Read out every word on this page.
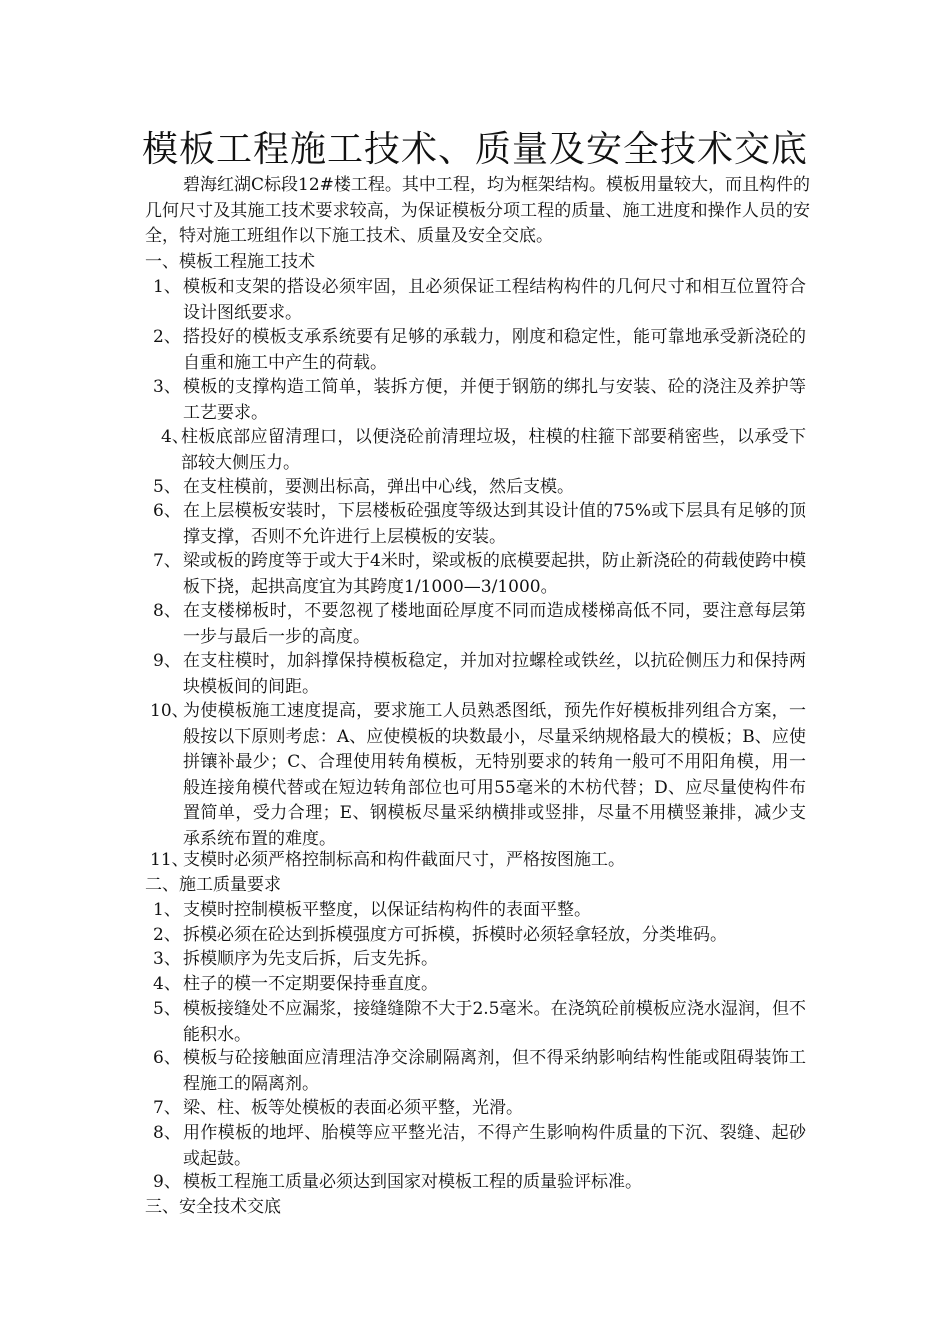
模板工程施工技术、质量及安全技术交底
碧海红湖C标段12#楼工程。其中工程，均为框架结构。模板用量较大，而且构件的几何尺寸及其施工技术要求较高，为保证模板分项工程的质量、施工进度和操作人员的安全，特对施工班组作以下施工技术、质量及安全交底。
一、模板工程施工技术
1、 模板和支架的搭设必须牢固，且必须保证工程结构构件的几何尺寸和相互位置符合设计图纸要求。
2、 搭投好的模板支承系统要有足够的承载力，刚度和稳定性，能可靠地承受新浇砼的自重和施工中产生的荷载。
3、 模板的支撑构造工简单，装拆方便，并便于钢筋的绑扎与安装、砼的浇注及养护等工艺要求。
4、
柱板底部应留清理口，以便浇砼前清理垃圾，柱模的柱箍下部要稍密些，以承受下部较大侧压力。
5、 在支柱模前，要测出标高，弹出中心线，然后支模。
6、 在上层模板安装时，下层楼板砼强度等级达到其设计值的75%或下层具有足够的顶撑支撑，否则不允许进行上层模板的安装。
7、 梁或板的跨度等于或大于4米时，梁或板的底模要起拱，防止新浇砼的荷载使跨中模板下挠，起拱高度宜为其跨度1/1000—3/1000。
8、 在支楼梯板时，不要忽视了楼地面砼厚度不同而造成楼梯高低不同，要注意每层第一步与最后一步的高度。
9、 在支柱模时，加斜撑保持模板稳定，并加对拉螺栓或铁丝，以抗砼侧压力和保持两块模板间的间距。
10、
为使模板施工速度提高，要求施工人员熟悉图纸，预先作好模板排列组合方案，一般按以下原则考虑：A、应使模板的块数最小，尽量采纳规格最大的模板；B、应使拼镶补最少；C、合理使用转角模板，无特别要求的转角一般可不用阳角模，用一般连接角模代替或在短边转角部位也可用55毫米的木枋代替；D、应尽量使构件布置简单，受力合理；E、钢模板尽量采纳横排或竖排，尽量不用横竖兼排，减少支承系统布置的难度。
11、
支模时必须严格控制标高和构件截面尺寸，严格按图施工。
二、施工质量要求
1、 支模时控制模板平整度，以保证结构构件的表面平整。
2、 拆模必须在砼达到拆模强度方可拆模，拆模时必须轻拿轻放，分类堆码。
3、 拆模顺序为先支后拆，后支先拆。
4、 柱子的模一不定期要保持垂直度。
5、 模板接缝处不应漏浆，接缝缝隙不大于2.5毫米。在浇筑砼前模板应浇水湿润，但不能积水。
6、 模板与砼接触面应清理洁净交涂刷隔离剂，但不得采纳影响结构性能或阻碍装饰工程施工的隔离剂。
7、 梁、柱、板等处模板的表面必须平整，光滑。
8、 用作模板的地坪、胎模等应平整光洁，不得产生影响构件质量的下沉、裂缝、起砂或起鼓。
9、 模板工程施工质量必须达到国家对模板工程的质量验评标准。
三、安全技术交底
